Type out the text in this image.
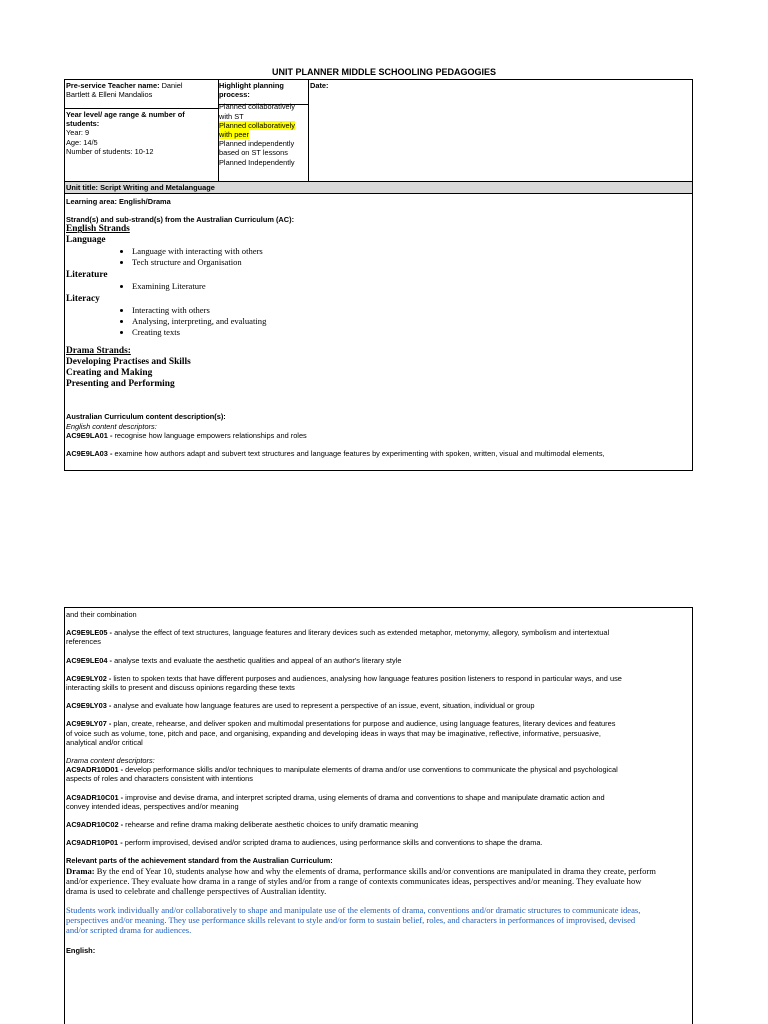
UNIT PLANNER MIDDLE SCHOOLING PEDAGOGIES
Pre-service Teacher name: Daniel
Bartlett & Elleni Mandalios
Year level/ age range & number of
students:
Year: 9
Age: 14/5
Number of students: 10-12
Highlight planning
process:
Planned collaboratively
with ST
Planned collaboratively
with peer
Planned independently
based on ST lessons
Planned Independently
Date:
Unit title: Script Writing and Metalanguage
Learning area: English/Drama
Strand(s) and sub-strand(s) from the Australian Curriculum (AC):
English Strands
Language
• Language with interacting with others
• Tech structure and Organisation
Literature
• Examining Literature
Literacy
• Interacting with others
• Analysing, interpreting, and evaluating
• Creating texts
Drama Strands:
Developing Practises and Skills
Creating and Making
Presenting and Performing
Australian Curriculum content description(s):
English content descriptors:
AC9E9LA01 - recognise how language empowers relationships and roles
AC9E9LA03 - examine how authors adapt and subvert text structures and language features by experimenting with spoken, written, visual and multimodal elements,
and their combination
AC9E9LE05 - analyse the effect of text structures, language features and literary devices such as extended metaphor, metonymy, allegory, symbolism and intertextual
references
AC9E9LE04 - analyse texts and evaluate the aesthetic qualities and appeal of an author's literary style
AC9E9LY02 - listen to spoken texts that have different purposes and audiences, analysing how language features position listeners to respond in particular ways, and use
interacting skills to present and discuss opinions regarding these texts
AC9E9LY03 - analyse and evaluate how language features are used to represent a perspective of an issue, event, situation, individual or group
AC9E9LY07 - plan, create, rehearse, and deliver spoken and multimodal presentations for purpose and audience, using language features, literary devices and features
of voice such as volume, tone, pitch and pace, and organising, expanding and developing ideas in ways that may be imaginative, reflective, informative, persuasive,
analytical and/or critical
Drama content descriptors:
AC9ADR10D01 - develop performance skills and/or techniques to manipulate elements of drama and/or use conventions to communicate the physical and psychological
aspects of roles and characters consistent with intentions
AC9ADR10C01 - improvise and devise drama, and interpret scripted drama, using elements of drama and conventions to shape and manipulate dramatic action and
convey intended ideas, perspectives and/or meaning
AC9ADR10C02 - rehearse and refine drama making deliberate aesthetic choices to unify dramatic meaning
AC9ADR10P01 - perform improvised, devised and/or scripted drama to audiences, using performance skills and conventions to shape the drama.
Relevant parts of the achievement standard from the Australian Curriculum:
Drama: By the end of Year 10, students analyse how and why the elements of drama, performance skills and/or conventions are manipulated in drama they create, perform
and/or experience. They evaluate how drama in a range of styles and/or from a range of contexts communicates ideas, perspectives and/or meaning. They evaluate how
drama is used to celebrate and challenge perspectives of Australian identity.
Students work individually and/or collaboratively to shape and manipulate use of the elements of drama, conventions and/or dramatic structures to communicate ideas,
perspectives and/or meaning. They use performance skills relevant to style and/or form to sustain belief, roles, and characters in performances of improvised, devised
and/or scripted drama for audiences.
English:
